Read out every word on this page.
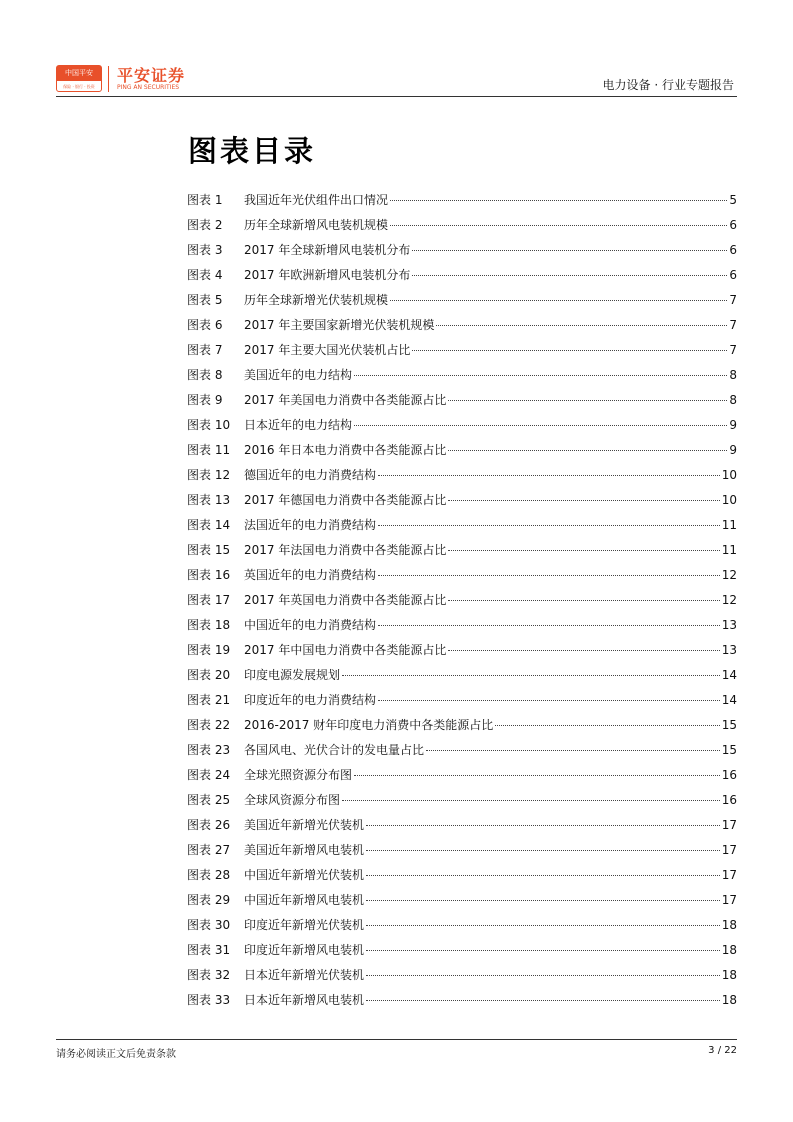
中国平安
保险 · 银行 · 投资
平安证券
PING AN SECURITIES	电力设备 · 行业专题报告
图表目录
图表 1	我国近年光伏组件出口情况	5
图表 2	历年全球新增风电装机规模	6
图表 3	2017 年全球新增风电装机分布	6
图表 4	2017 年欧洲新增风电装机分布	6
图表 5	历年全球新增光伏装机规模	7
图表 6	2017 年主要国家新增光伏装机规模	7
图表 7	2017 年主要大国光伏装机占比	7
图表 8	美国近年的电力结构	8
图表 9	2017 年美国电力消费中各类能源占比	8
图表 10	日本近年的电力结构	9
图表 11	2016 年日本电力消费中各类能源占比	9
图表 12	德国近年的电力消费结构	10
图表 13	2017 年德国电力消费中各类能源占比	10
图表 14	法国近年的电力消费结构	11
图表 15	2017 年法国电力消费中各类能源占比	11
图表 16	英国近年的电力消费结构	12
图表 17	2017 年英国电力消费中各类能源占比	12
图表 18	中国近年的电力消费结构	13
图表 19	2017 年中国电力消费中各类能源占比	13
图表 20	印度电源发展规划	14
图表 21	印度近年的电力消费结构	14
图表 22	2016-2017 财年印度电力消费中各类能源占比	15
图表 23	各国风电、光伏合计的发电量占比	15
图表 24	全球光照资源分布图	16
图表 25	全球风资源分布图	16
图表 26	美国近年新增光伏装机	17
图表 27	美国近年新增风电装机	17
图表 28	中国近年新增光伏装机	17
图表 29	中国近年新增风电装机	17
图表 30	印度近年新增光伏装机	18
图表 31	印度近年新增风电装机	18
图表 32	日本近年新增光伏装机	18
图表 33	日本近年新增风电装机	18
请务必阅读正文后免责条款	3 / 22
